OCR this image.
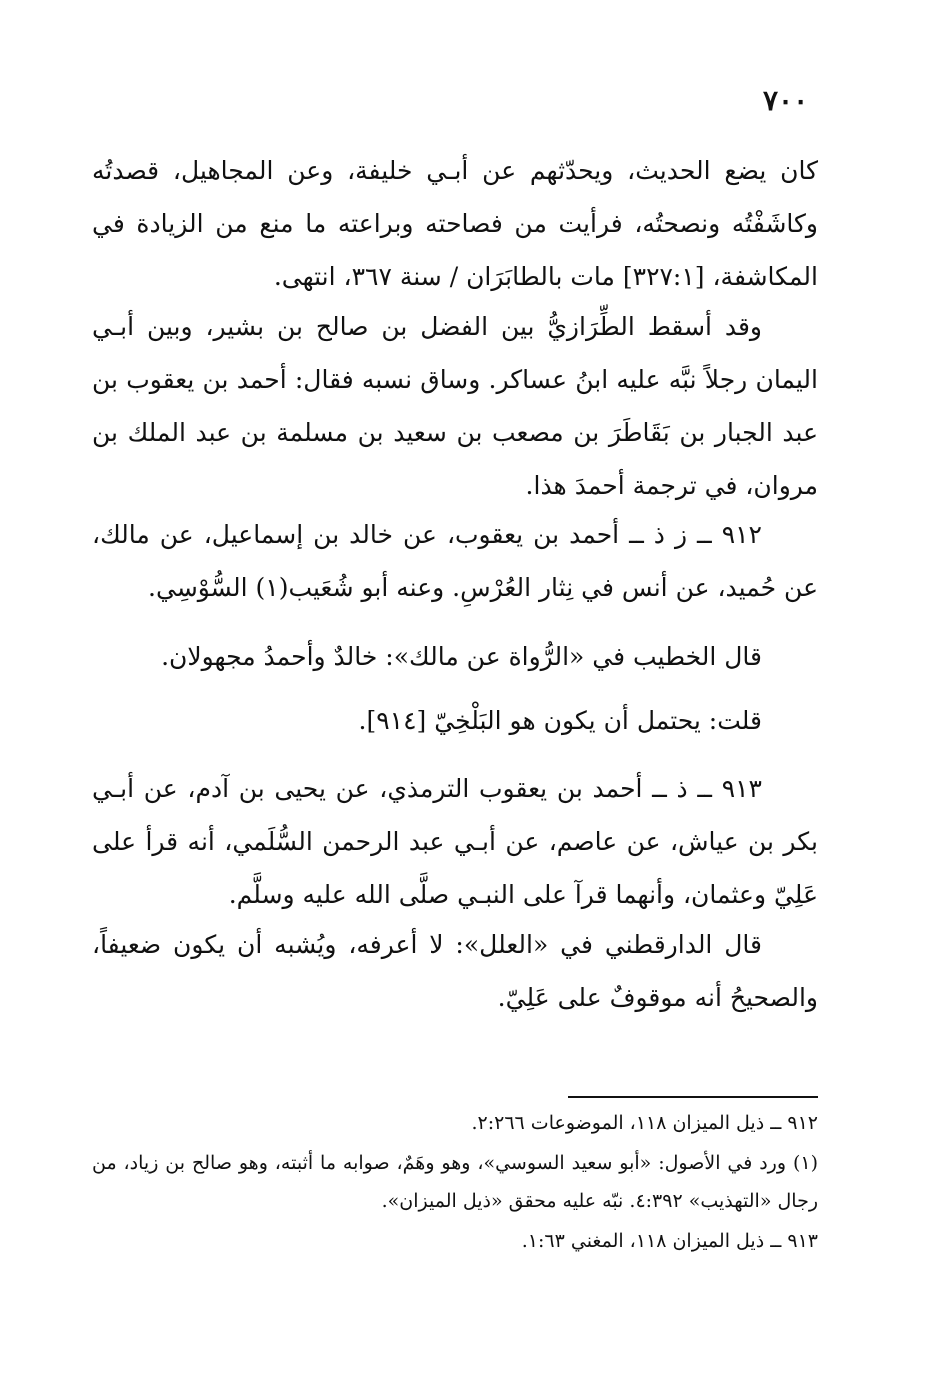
٧٠٠

كان يضع الحديث، ويحدّثهم عن أبـي خليفة، وعن المجاهيل، قصدتُه وكاشَفْتُه ونصحتُه، فرأيت من فصاحته وبراعته ما منع من الزيادة في المكاشفة، [٣٢٧:١] مات بالطابَرَان / سنة ٣٦٧، انتهى.

وقد أسقط الطِّرَازيُّ بين الفضل بن صالح بن بشير، وبين أبـي اليمان رجلاً نبَّه عليه ابنُ عساكر. وساق نسبه فقال: أحمد بن يعقوب بن عبد الجبار بن بَقَاطَرَ بن مصعب بن سعيد بن مسلمة بن عبد الملك بن مروان، في ترجمة أحمدَ هذا.

٩١٢ ــ ز ذ ــ أحمد بن يعقوب، عن خالد بن إسماعيل، عن مالك، عن حُميد، عن أنس في نِثار العُرْسِ. وعنه أبو شُعَيب(١) السُّوْسِي.

قال الخطيب في «الرُّواة عن مالك»: خالدٌ وأحمدُ مجهولان.

قلت: يحتمل أن يكون هو البَلْخِيّ [٩١٤].

٩١٣ ــ ذ ــ أحمد بن يعقوب الترمذي، عن يحيى بن آدم، عن أبـي بكر بن عياش، عن عاصم، عن أبـي عبد الرحمن السُّلَمي، أنه قرأ على عَلِيّ وعثمان، وأنهما قرآ على النبـي صلَّى الله عليه وسلَّم.

قال الدارقطني في «العلل»: لا أعرفه، ويُشبه أن يكون ضعيفاً، والصحيحُ أنه موقوفٌ على عَلِيّ.

٩١٢ ــ ذيل الميزان ١١٨، الموضوعات ٢:٢٦٦.

(١) ورد في الأصول: «أبو سعيد السوسي»، وهو وهَمٌ، صوابه ما أثبته، وهو صالح بن زياد، من رجال «التهذيب» ٤:٣٩٢. نبّه عليه محقق «ذيل الميزان».

٩١٣ ــ ذيل الميزان ١١٨، المغني ١:٦٣.
